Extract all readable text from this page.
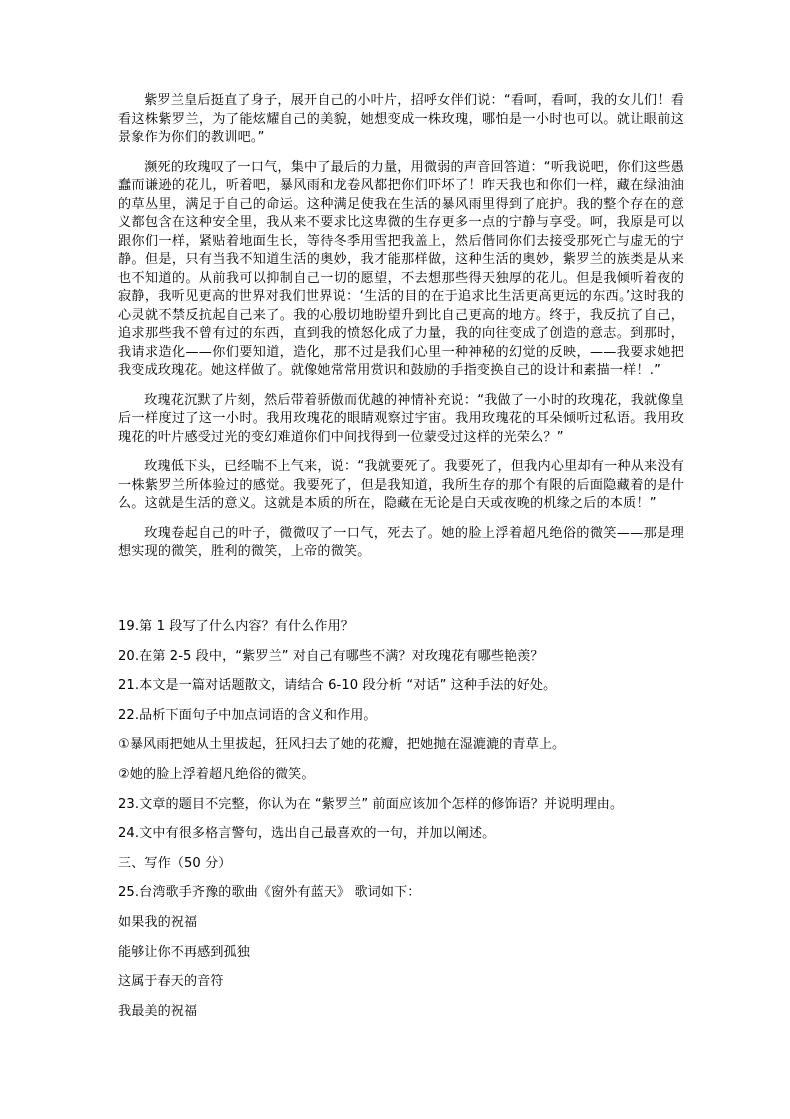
紫罗兰皇后挺直了身子，展开自己的小叶片，招呼女伴们说：“看呵，看呵，我的女儿们！看看这株紫罗兰，为了能炫耀自己的美貌，她想变成一株玫瑰，哪怕是一小时也可以。就让眼前这景象作为你们的教训吧。”

濒死的玫瑰叹了一口气，集中了最后的力量，用微弱的声音回答道：“听我说吧，你们这些愚蠢而谦逊的花儿，听着吧，暴风雨和龙卷风都把你们吓坏了！昨天我也和你们一样，藏在绿油油的草丛里，满足于自己的命运。这种满足使我在生活的暴风雨里得到了庇护。我的整个存在的意义都包含在这种安全里，我从来不要求比这卑微的生存更多一点的宁静与享受。呵，我原是可以跟你们一样，紧贴着地面生长，等待冬季用雪把我盖上，然后偕同你们去接受那死亡与虚无的宁静。但是，只有当我不知道生活的奥妙，我才能那样做，这种生活的奥妙，紫罗兰的族类是从来也不知道的。从前我可以抑制自己一切的愿望，不去想那些得天独厚的花儿。但是我倾听着夜的寂静，我听见更高的世界对我们世界说：‘生活的目的在于追求比生活更高更远的东西。’这时我的心灵就不禁反抗起自己来了。我的心殷切地盼望升到比自己更高的地方。终于，我反抗了自己，追求那些我不曾有过的东西，直到我的愤怒化成了力量，我的向往变成了创造的意志。到那时，我请求造化——你们要知道，造化，那不过是我们心里一种神秘的幻觉的反映，——我要求她把我变成玫瑰花。她这样做了。就像她常常用赏识和鼓励的手指变换自己的设计和素描一样！.”

玫瑰花沉默了片刻，然后带着骄傲而优越的神情补充说：“我做了一小时的玫瑰花，我就像皇后一样度过了这一小时。我用玫瑰花的眼睛观察过宇宙。我用玫瑰花的耳朵倾听过私语。我用玫瑰花的叶片感受过光的变幻难道你们中间找得到一位蒙受过这样的光荣么？”

玫瑰低下头，已经喘不上气来，说：“我就要死了。我要死了，但我内心里却有一种从来没有一株紫罗兰所体验过的感觉。我要死了，但是我知道，我所生存的那个有限的后面隐藏着的是什么。这就是生活的意义。这就是本质的所在，隐藏在无论是白天或夜晚的机缘之后的本质！”

玫瑰卷起自己的叶子，微微叹了一口气，死去了。她的脸上浮着超凡绝俗的微笑——那是理想实现的微笑，胜利的微笑，上帝的微笑。

19.第 1 段写了什么内容？有什么作用？
20.在第 2-5 段中，“紫罗兰” 对自己有哪些不满？对玫瑰花有哪些艳羡？
21.本文是一篇对话题散文，请结合 6-10 段分析 “对话” 这种手法的好处。
22.品析下面句子中加点词语的含义和作用。
①暴风雨把她从土里拔起，狂风扫去了她的花瓣，把她抛在湿漉漉的青草上。
②她的脸上浮着超凡绝俗的微笑。
23.文章的题目不完整，你认为在 “紫罗兰” 前面应该加个怎样的修饰语？并说明理由。
24.文中有很多格言警句，选出自己最喜欢的一句，并加以阐述。
三、写作（50 分）
25.台湾歌手齐豫的歌曲《窗外有蓝天》 歌词如下：
如果我的祝福
能够让你不再感到孤独
这属于春天的音符
我最美的祝福
